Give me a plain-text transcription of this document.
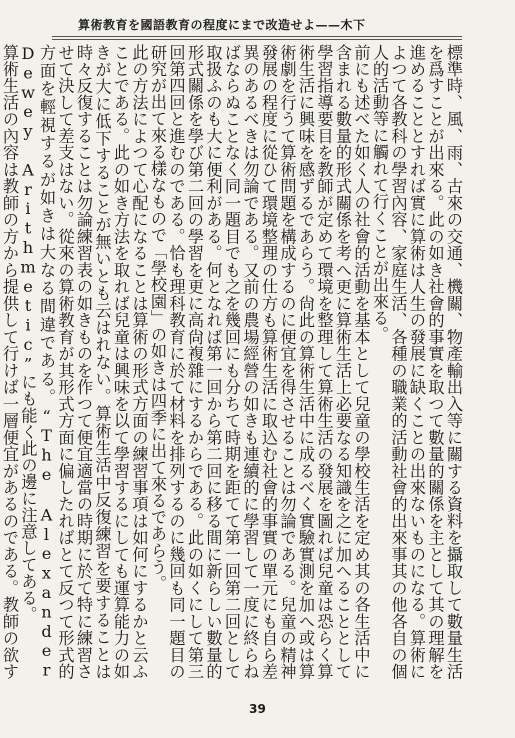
算術教育を國語教育の程度にまで改造せよ——木下

標準時、風、雨、古來の交通、機關、物產輸出入等に關する資料を攝取して數量生活を爲すことが出來る。此の如き社會的事實を取つて數量的關係を主として其の理解を進めることとすれば實に算術は人生の發展に缺くことの出來ないものになる。算術によつて各教科の學習內容、家庭生活、各種の職業的活動社會的出來事其の他各自の個人的活動等に觸れて行くことが出來る。

前にも述べた如く人の社會的活動を基本として兒童の學校生活を定め其の各生活中に含まれる數量的形式關係を考へ更に算術生活上必要なる知識を之に加へることとして學習指導要目を教師が定めて環境を整理して算術生活の發展を圖れば兒童は恐らく算術生活に興味を感ずるであらう。尙此の算術生活中に成るべく實驗實測を加へ或は算術劇を行うて算術問題を構成するのに便宜を得させることは勿論である。兒童の精神發展の程度に從ひて環境整理の仕方も算術生活に取込む社會的事實の單元にも自ら差異のあるべきは勿論である。又前の農場經營の如きも連續的に學習して一度に終らねばならぬことなく同一題目でも之を幾回にも分ちて時期を距てて第一回第二回として取扱ふのも大に便利がある。何となれば第一回から第二回に移る間に新らしい數量的形式關係を學び第二回の學習を更に高尙複雜にするからである。此の如くにして第三回第四回と進むのである。恰も理科教育に於て材料を排列するのに幾回も同一題目の研究が出て來る樣なもので「學校園」の如きは四季に出て來るであらう。

此の方法によつて心配になることは算術の形式方面の練習事項は如何にするかと云ふことである。此の如き方法を取れば兒童は興味を以て學習するにしても運算能力の如きが大に低下することが無いとも云はれない。算術生活中反復練習を要することは時々反復することは勿論練習表の如きものを作つて便宜適當の時期に於て特に練習させて決して差支はない。從來の算術教育が其形式方面に偏したればとて反つて形式的方面を輕視するが如きは大なる間違である。“The Alexander Dewey Arithmetic”にも能く此の邊に注意してある。

算術生活の內容は教師の方から提供して行けば一層便宜があるのである。教師の欲す

39
